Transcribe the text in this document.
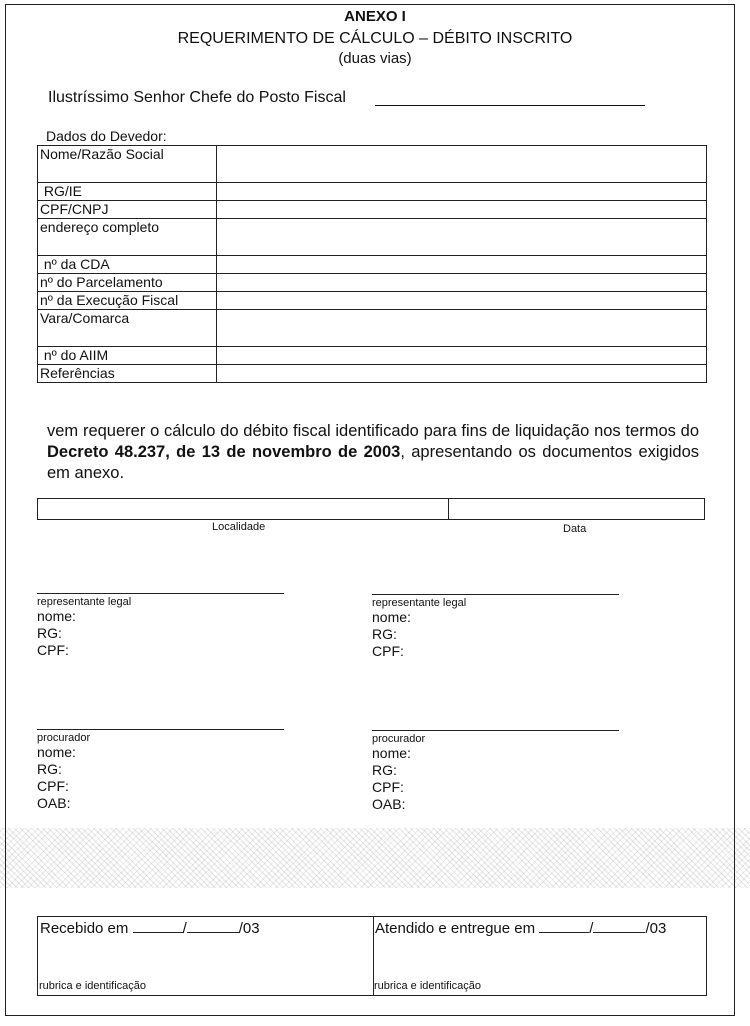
ANEXO I
REQUERIMENTO DE CÁLCULO – DÉBITO INSCRITO
(duas vias)
Ilustríssimo Senhor Chefe do Posto Fiscal
Dados do Devedor:
Nome/Razão Social	
RG/IE	
CPF/CNPJ	
endereço completo	
nº da CDA	
nº do Parcelamento	
nº da Execução Fiscal	
Vara/Comarca	
nº do AIIM	
Referências	
vem requerer o cálculo do débito fiscal identificado para fins de liquidação nos termos do Decreto 48.237, de 13 de novembro de 2003, apresentando os documentos exigidos em anexo.
Localidade	Data
representante legal
nome:
RG:
CPF:
representante legal
nome:
RG:
CPF:
procurador
nome:
RG:
CPF:
OAB:
procurador
nome:
RG:
CPF:
OAB:
Recebido em	/	/03
rubrica e identificação
Atendido e entregue em	/	/03
rubrica e identificação
